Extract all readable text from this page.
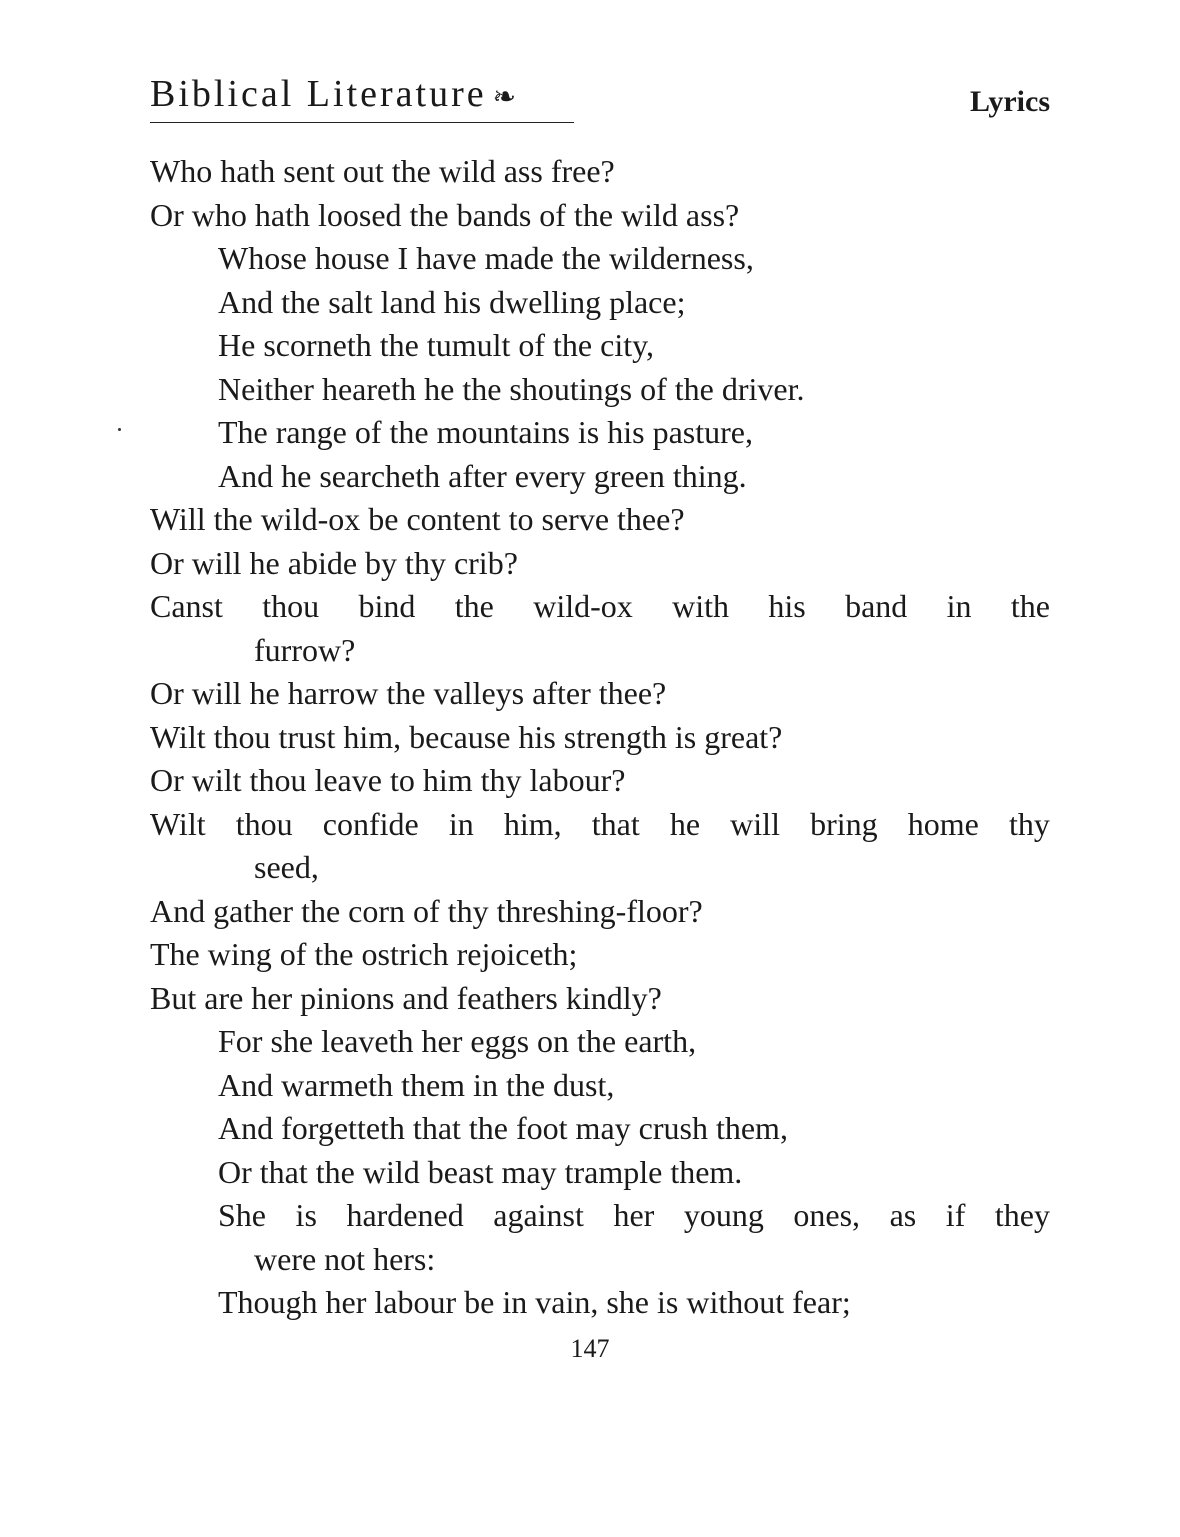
Biblical Literature ❧	Lyrics
Who hath sent out the wild ass free?
Or who hath loosed the bands of the wild ass?
Whose house I have made the wilderness,
And the salt land his dwelling place;
He scorneth the tumult of the city,
Neither heareth he the shoutings of the driver.
The range of the mountains is his pasture,
And he searcheth after every green thing.
Will the wild-ox be content to serve thee?
Or will he abide by thy crib?
Canst thou bind the wild-ox with his band in the
furrow?
Or will he harrow the valleys after thee?
Wilt thou trust him, because his strength is great?
Or wilt thou leave to him thy labour?
Wilt thou confide in him, that he will bring home thy
seed,
And gather the corn of thy threshing-floor?
The wing of the ostrich rejoiceth;
But are her pinions and feathers kindly?
For she leaveth her eggs on the earth,
And warmeth them in the dust,
And forgetteth that the foot may crush them,
Or that the wild beast may trample them.
She is hardened against her young ones, as if they
were not hers:
Though her labour be in vain, she is without fear;
147
